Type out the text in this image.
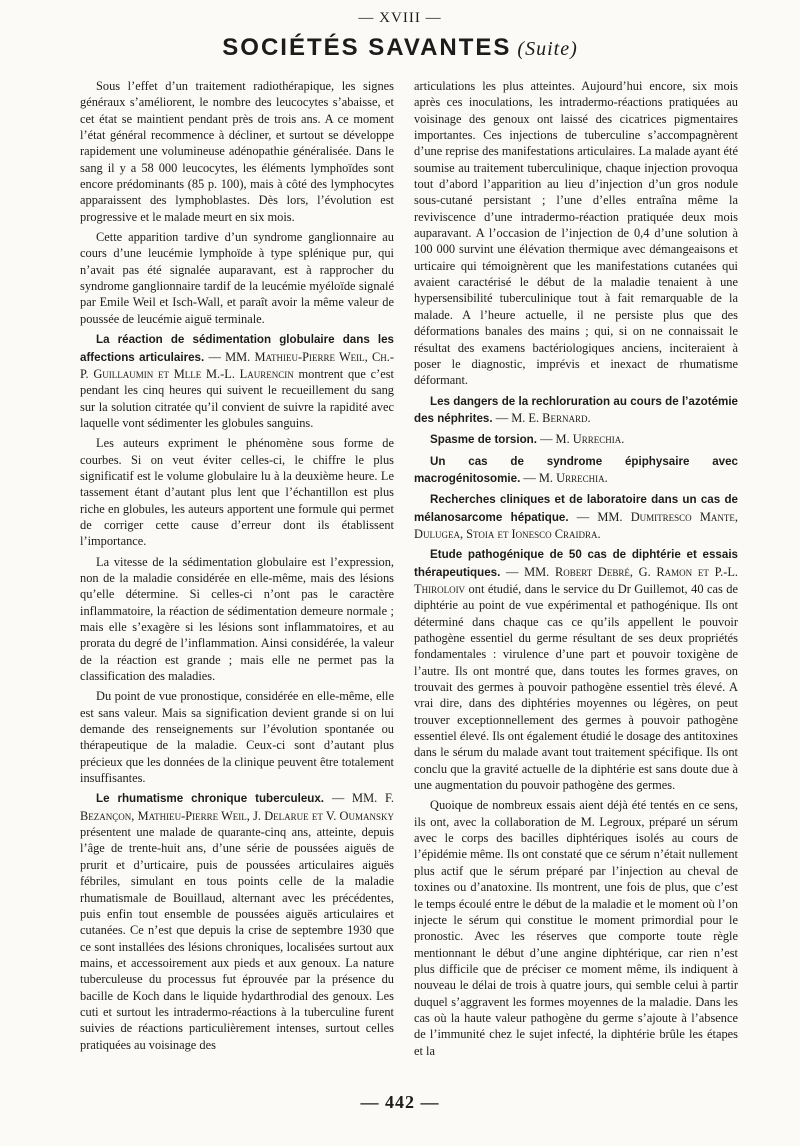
— XVIII —
SOCIÉTÉS SAVANTES (Suite)

Sous l’effet d’un traitement radiothérapique, les signes généraux s’améliorent, le nombre des leucocytes s’abaisse, et cet état se maintient pendant près de trois ans. A ce moment l’état général recommence à décliner, et surtout se développe rapidement une volumineuse adénopathie généralisée. Dans le sang il y a 58 000 leucocytes, les éléments lymphoïdes sont encore prédominants (85 p. 100), mais à côté des lymphocytes apparaissent des lymphoblastes. Dès lors, l’évolution est progressive et le malade meurt en six mois.

Cette apparition tardive d’un syndrome ganglionnaire au cours d’une leucémie lymphoïde à type splénique pur, qui n’avait pas été signalée auparavant, est à rapprocher du syndrome ganglionnaire tardif de la leucémie myéloïde signalé par Emile Weil et Isch-Wall, et paraît avoir la même valeur de poussée de leucémie aiguë terminale.

La réaction de sédimentation globulaire dans les affections articulaires. — MM. Mathieu-Pierre Weil, Ch.-P. Guillaumin et Mlle M.-L. Laurencin montrent que c’est pendant les cinq heures qui suivent le recueillement du sang sur la solution citratée qu’il convient de suivre la rapidité avec laquelle vont sédimenter les globules sanguins.

Les auteurs expriment le phénomène sous forme de courbes. Si on veut éviter celles-ci, le chiffre le plus significatif est le volume globulaire lu à la deuxième heure. Le tassement étant d’autant plus lent que l’échantillon est plus riche en globules, les auteurs apportent une formule qui permet de corriger cette cause d’erreur dont ils établissent l’importance.

La vitesse de la sédimentation globulaire est l’expression, non de la maladie considérée en elle-même, mais des lésions qu’elle détermine. Si celles-ci n’ont pas le caractère inflammatoire, la réaction de sédimentation demeure normale ; mais elle s’exagère si les lésions sont inflammatoires, et au prorata du degré de l’inflammation. Ainsi considérée, la valeur de la réaction est grande ; mais elle ne permet pas la classification des maladies.

Du point de vue pronostique, considérée en elle-même, elle est sans valeur. Mais sa signification devient grande si on lui demande des renseignements sur l’évolution spontanée ou thérapeutique de la maladie. Ceux-ci sont d’autant plus précieux que les données de la clinique peuvent être totalement insuffisantes.

Le rhumatisme chronique tuberculeux. — MM. F. Bezançon, Mathieu-Pierre Weil, J. Delarue et V. Oumansky présentent une malade de quarante-cinq ans, atteinte, depuis l’âge de trente-huit ans, d’une série de poussées aiguës de prurit et d’urticaire, puis de poussées articulaires aiguës fébriles, simulant en tous points celle de la maladie rhumatismale de Bouillaud, alternant avec les précédentes, puis enfin tout ensemble de poussées aiguës articulaires et cutanées. Ce n’est que depuis la crise de septembre 1930 que ce sont installées des lésions chroniques, localisées surtout aux mains, et accessoirement aux pieds et aux genoux. La nature tuberculeuse du processus fut éprouvée par la présence du bacille de Koch dans le liquide hydarthrodial des genoux. Les cuti et surtout les intradermo-réactions à la tuberculine furent suivies de réactions particulièrement intenses, surtout celles pratiquées au voisinage des

articulations les plus atteintes. Aujourd’hui encore, six mois après ces inoculations, les intradermo-réactions pratiquées au voisinage des genoux ont laissé des cicatrices pigmentaires importantes. Ces injections de tuberculine s’accompagnèrent d’une reprise des manifestations articulaires. La malade ayant été soumise au traitement tuberculinique, chaque injection provoqua tout d’abord l’apparition au lieu d’injection d’un gros nodule sous-cutané persistant ; l’une d’elles entraîna même la reviviscence d’une intradermo-réaction pratiquée deux mois auparavant. A l’occasion de l’injection de 0,4 d’une solution à 100 000 survint une élévation thermique avec démangeaisons et urticaire qui témoignèrent que les manifestations cutanées qui avaient caractérisé le début de la maladie tenaient à une hypersensibilité tuberculinique tout à fait remarquable de la malade. A l’heure actuelle, il ne persiste plus que des déformations banales des mains ; qui, si on ne connaissait le résultat des examens bactériologiques anciens, inciteraient à poser le diagnostic, imprévis et inexact de rhumatisme déformant.

Les dangers de la rechloruration au cours de l’azotémie des néphrites. — M. E. Bernard.

Spasme de torsion. — M. Urrechia.

Un cas de syndrome épiphysaire avec macrogénitosomie. — M. Urrechia.

Recherches cliniques et de laboratoire dans un cas de mélanosarcome hépatique. — MM. Dumitresco Mante, Dulugea, Stoia et Ionesco Craidra.

Etude pathogénique de 50 cas de diphtérie et essais thérapeutiques. — MM. Robert Debré, G. Ramon et P.-L. Thiroloiv ont étudié, dans le service du Dr Guillemot, 40 cas de diphtérie au point de vue expérimental et pathogénique. Ils ont déterminé dans chaque cas ce qu’ils appellent le pouvoir pathogène essentiel du germe résultant de ses deux propriétés fondamentales : virulence d’une part et pouvoir toxigène de l’autre. Ils ont montré que, dans toutes les formes graves, on trouvait des germes à pouvoir pathogène essentiel très élevé. A vrai dire, dans des diphtéries moyennes ou légères, on peut trouver exceptionnellement des germes à pouvoir pathogène essentiel élevé. Ils ont également étudié le dosage des antitoxines dans le sérum du malade avant tout traitement spécifique. Ils ont conclu que la gravité actuelle de la diphtérie est sans doute due à une augmentation du pouvoir pathogène des germes.

Quoique de nombreux essais aient déjà été tentés en ce sens, ils ont, avec la collaboration de M. Legroux, préparé un sérum avec le corps des bacilles diphtériques isolés au cours de l’épidémie même. Ils ont constaté que ce sérum n’était nullement plus actif que le sérum préparé par l’injection au cheval de toxines ou d’anatoxine. Ils montrent, une fois de plus, que c’est le temps écoulé entre le début de la maladie et le moment où l’on injecte le sérum qui constitue le moment primordial pour le pronostic. Avec les réserves que comporte toute règle mentionnant le début d’une angine diphtérique, car rien n’est plus difficile que de préciser ce moment même, ils indiquent à nouveau le délai de trois à quatre jours, qui semble celui à partir duquel s’aggravent les formes moyennes de la maladie. Dans les cas où la haute valeur pathogène du germe s’ajoute à l’absence de l’immunité chez le sujet infecté, la diphtérie brûle les étapes et la

— 442 —
